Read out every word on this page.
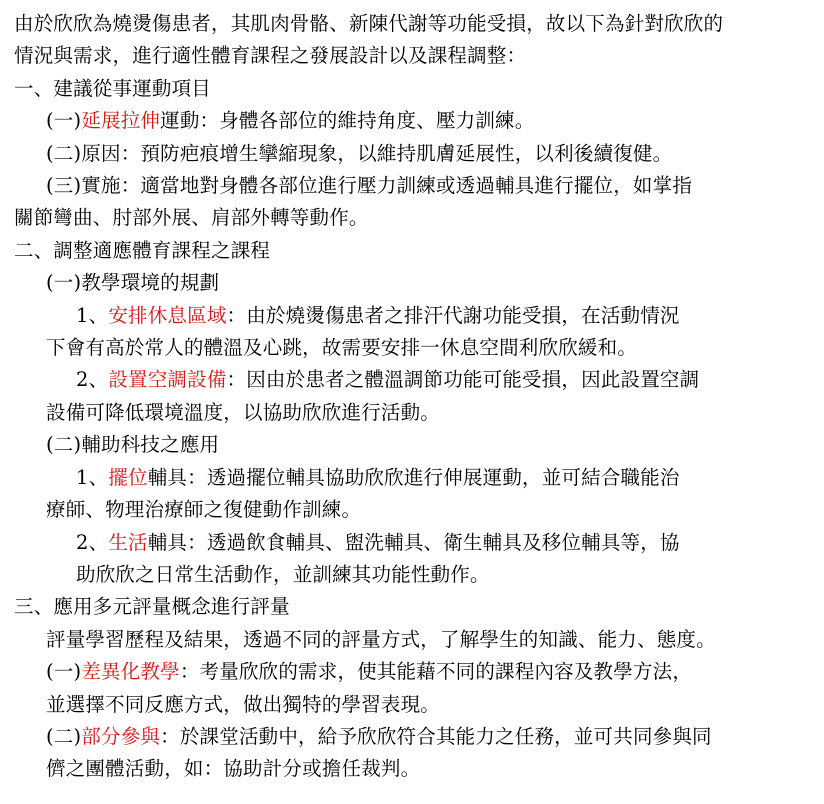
由於欣欣為燒燙傷患者，其肌肉骨骼、新陳代謝等功能受損，故以下為針對欣欣的
情況與需求，進行適性體育課程之發展設計以及課程調整：
一、建議從事運動項目
(一)延展拉伸運動：身體各部位的維持角度、壓力訓練。
(二)原因：預防疤痕增生攣縮現象，以維持肌膚延展性，以利後續復健。
(三)實施：適當地對身體各部位進行壓力訓練或透過輔具進行擺位，如掌指
關節彎曲、肘部外展、肩部外轉等動作。
二、調整適應體育課程之課程
(一)教學環境的規劃
1、安排休息區域：由於燒燙傷患者之排汗代謝功能受損，在活動情況
下會有高於常人的體溫及心跳，故需要安排一休息空間利欣欣緩和。
2、設置空調設備：因由於患者之體溫調節功能可能受損，因此設置空調
設備可降低環境溫度，以協助欣欣進行活動。
(二)輔助科技之應用
1、擺位輔具：透過擺位輔具協助欣欣進行伸展運動，並可結合職能治
療師、物理治療師之復健動作訓練。
2、生活輔具：透過飲食輔具、盥洗輔具、衛生輔具及移位輔具等，協
助欣欣之日常生活動作，並訓練其功能性動作。
三、應用多元評量概念進行評量
評量學習歷程及結果，透過不同的評量方式，了解學生的知識、能力、態度。
(一)差異化教學：考量欣欣的需求，使其能藉不同的課程內容及教學方法，
並選擇不同反應方式，做出獨特的學習表現。
(二)部分參與：於課堂活動中，給予欣欣符合其能力之任務，並可共同參與同
儕之團體活動，如：協助計分或擔任裁判。
